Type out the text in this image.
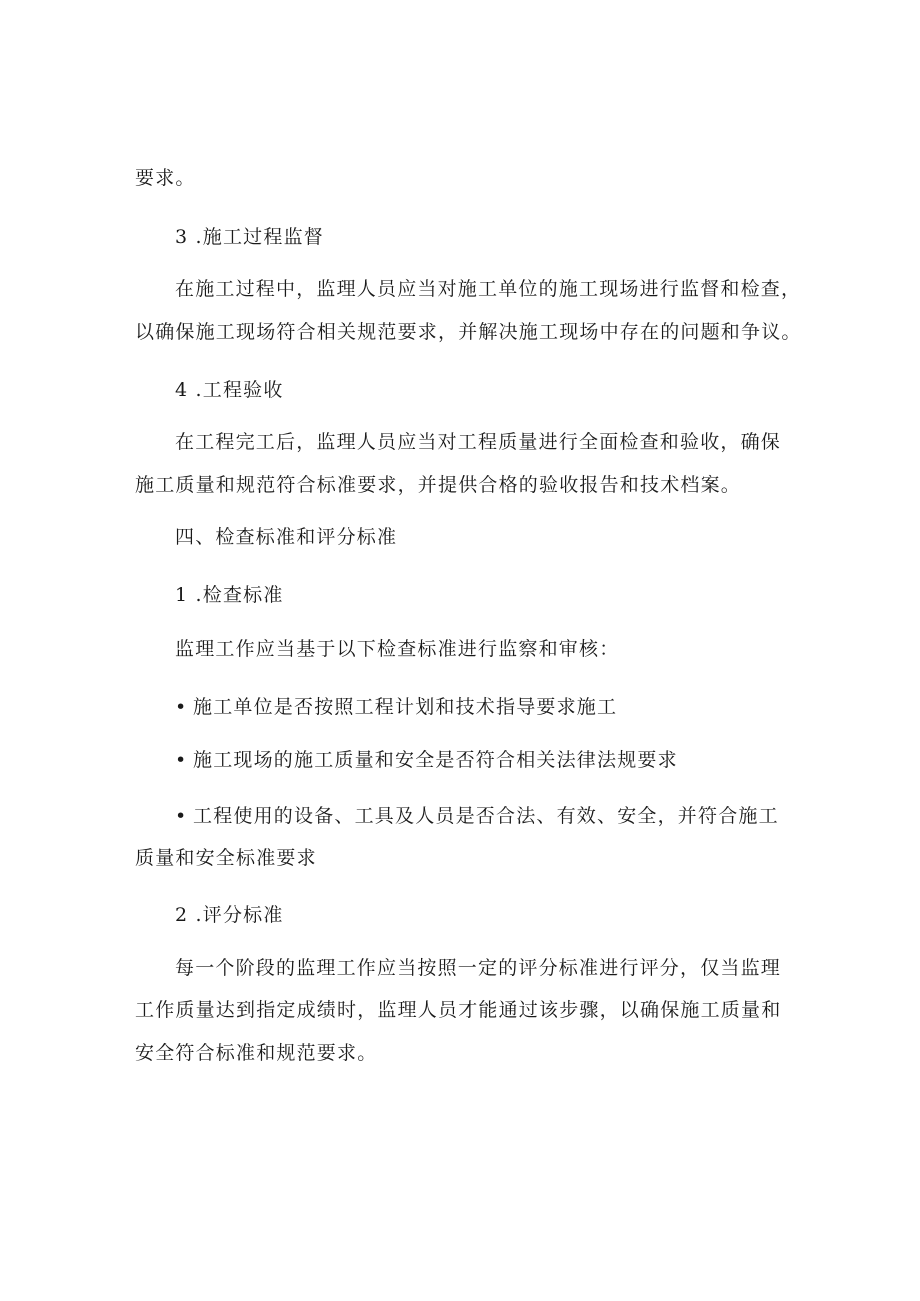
要求。
3 .施工过程监督
在施工过程中，监理人员应当对施工单位的施工现场进行监督和检查，
以确保施工现场符合相关规范要求，并解决施工现场中存在的问题和争议。
4 .工程验收
在工程完工后，监理人员应当对工程质量进行全面检查和验收，确保
施工质量和规范符合标准要求，并提供合格的验收报告和技术档案。
四、检查标准和评分标准
1 .检查标准
监理工作应当基于以下检查标准进行监察和审核：
• 施工单位是否按照工程计划和技术指导要求施工
• 施工现场的施工质量和安全是否符合相关法律法规要求
• 工程使用的设备、工具及人员是否合法、有效、安全，并符合施工
质量和安全标准要求
2 .评分标准
每一个阶段的监理工作应当按照一定的评分标准进行评分，仅当监理
工作质量达到指定成绩时，监理人员才能通过该步骤，以确保施工质量和
安全符合标准和规范要求。
